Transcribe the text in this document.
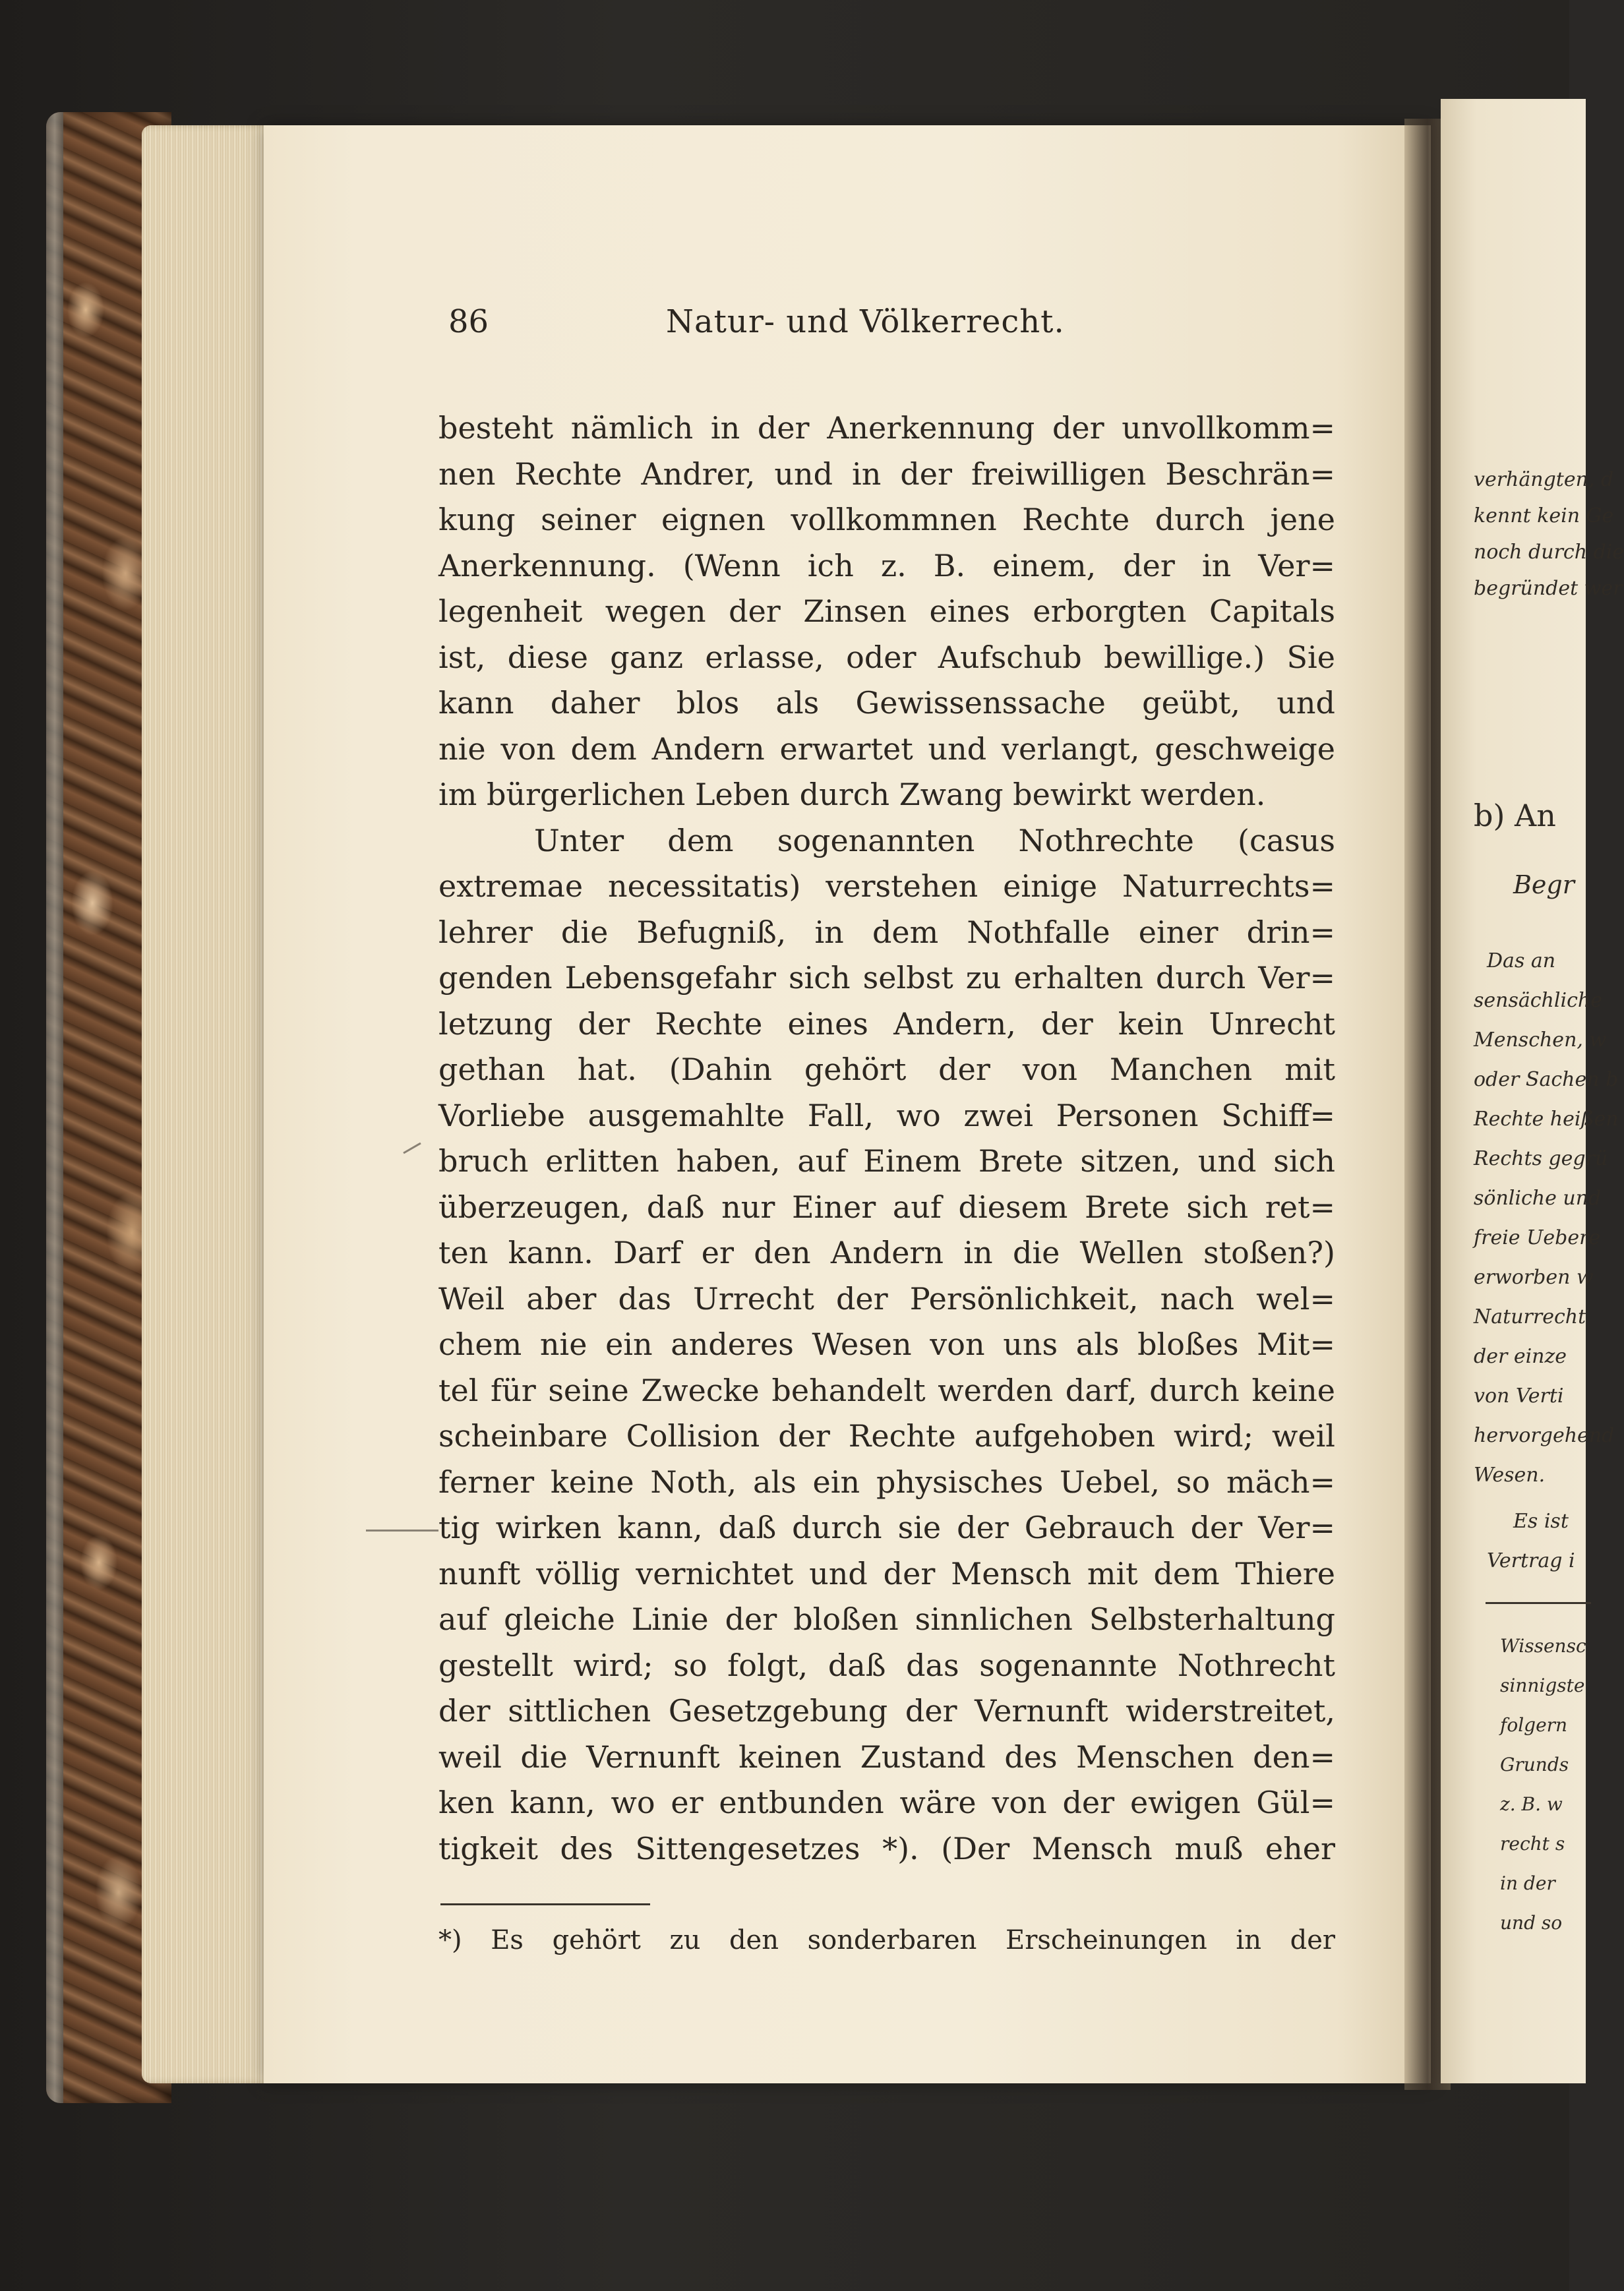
86	Natur- und Völkerrecht.
besteht nämlich in der Anerkennung der unvollkomm=
nen Rechte Andrer, und in der freiwilligen Beschrän=
kung seiner eignen vollkommnen Rechte durch jene
Anerkennung. (Wenn ich z. B. einem, der in Ver=
legenheit wegen der Zinsen eines erborgten Capitals
ist, diese ganz erlasse, oder Aufschub bewillige.) Sie
kann daher blos als Gewissenssache geübt, und
nie von dem Andern erwartet und verlangt, geschweige
im bürgerlichen Leben durch Zwang bewirkt werden.
Unter dem sogenannten Nothrechte (casus
extremae necessitatis) verstehen einige Naturrechts=
lehrer die Befugniß, in dem Nothfalle einer drin=
genden Lebensgefahr sich selbst zu erhalten durch Ver=
letzung der Rechte eines Andern, der kein Unrecht
gethan hat. (Dahin gehört der von Manchen mit
Vorliebe ausgemahlte Fall, wo zwei Personen Schiff=
bruch erlitten haben, auf Einem Brete sitzen, und sich
überzeugen, daß nur Einer auf diesem Brete sich ret=
ten kann. Darf er den Andern in die Wellen stoßen?)
Weil aber das Urrecht der Persönlichkeit, nach wel=
chem nie ein anderes Wesen von uns als bloßes Mit=
tel für seine Zwecke behandelt werden darf, durch keine
scheinbare Collision der Rechte aufgehoben wird; weil
ferner keine Noth, als ein physisches Uebel, so mäch=
tig wirken kann, daß durch sie der Gebrauch der Ver=
nunft völlig vernichtet und der Mensch mit dem Thiere
auf gleiche Linie der bloßen sinnlichen Selbsterhaltung
gestellt wird; so folgt, daß das sogenannte Nothrecht
der sittlichen Gesetzgebung der Vernunft widerstreitet,
weil die Vernunft keinen Zustand des Menschen den=
ken kann, wo er entbunden wäre von der ewigen Gül=
tigkeit des Sittengesetzes *). (Der Mensch muß eher
*) Es gehört zu den sonderbaren Erscheinungen in der
verhängten, d
kennt kein Ge
noch durch die
begründet wer
b) An
Begr
Das an
sensächliche
Menschen, w
oder Sachen b
Rechte heißen
Rechts gegrü
sönliche und
freie Uebere
erworben w
Naturrecht
der einze
von Verti
hervorgehend
Wesen.
Es ist
Vertrag i
Wissensc
sinnigste
folgern
Grunds
z. B. w
recht s
in der
und so
